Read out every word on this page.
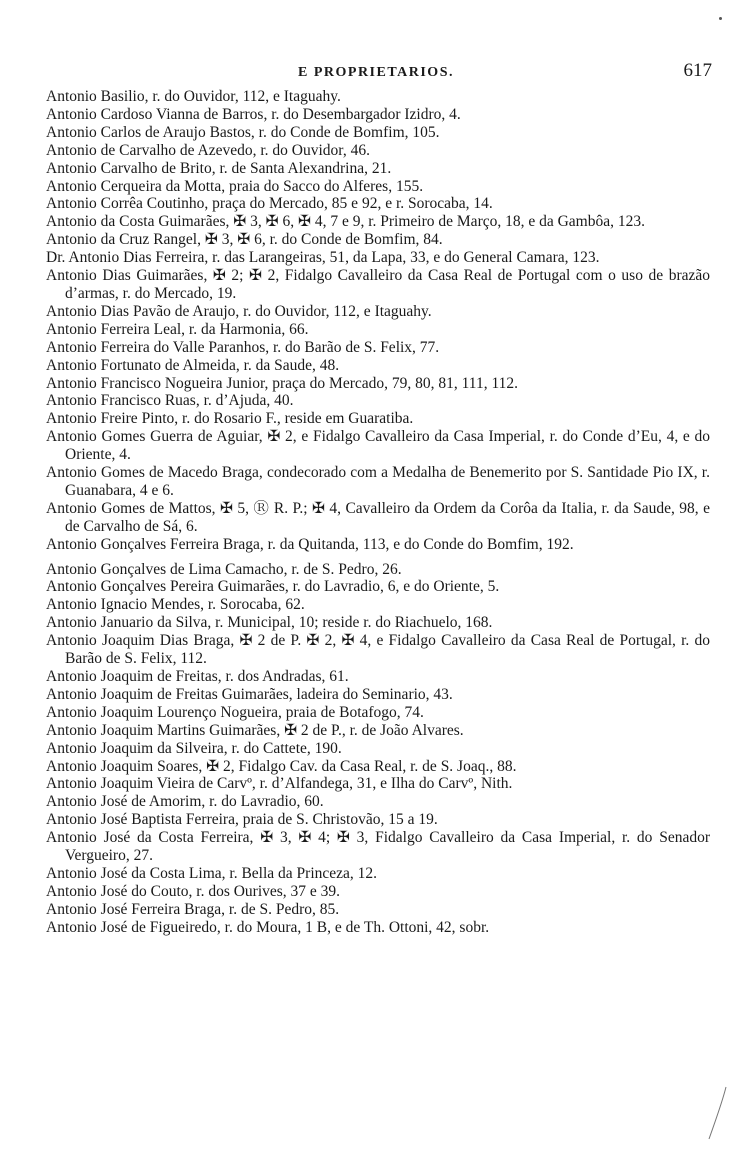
E PROPRIETARIOS.	617
Antonio Basilio, r. do Ouvidor, 112, e Itaguahy.
Antonio Cardoso Vianna de Barros, r. do Desembargador Izidro, 4.
Antonio Carlos de Araujo Bastos, r. do Conde de Bomfim, 105.
Antonio de Carvalho de Azevedo, r. do Ouvidor, 46.
Antonio Carvalho de Brito, r. de Santa Alexandrina, 21.
Antonio Cerqueira da Motta, praia do Sacco do Alferes, 155.
Antonio Corrêa Coutinho, praça do Mercado, 85 e 92, e r. Sorocaba, 14.
Antonio da Costa Guimarães, ✠ 3, ✠ 6, ✠ 4, 7 e 9, r. Primeiro de Março, 18, e da Gambôa, 123.
Antonio da Cruz Rangel, ✠ 3, ✠ 6, r. do Conde de Bomfim, 84.
Dr. Antonio Dias Ferreira, r. das Larangeiras, 51, da Lapa, 33, e do General Camara, 123.
Antonio Dias Guimarães, ✠ 2; ✠ 2, Fidalgo Cavalleiro da Casa Real de Portugal com o uso de brazão d’armas, r. do Mercado, 19.
Antonio Dias Pavão de Araujo, r. do Ouvidor, 112, e Itaguahy.
Antonio Ferreira Leal, r. da Harmonia, 66.
Antonio Ferreira do Valle Paranhos, r. do Barão de S. Felix, 77.
Antonio Fortunato de Almeida, r. da Saude, 48.
Antonio Francisco Nogueira Junior, praça do Mercado, 79, 80, 81, 111, 112.
Antonio Francisco Ruas, r. d’Ajuda, 40.
Antonio Freire Pinto, r. do Rosario F., reside em Guaratiba.
Antonio Gomes Guerra de Aguiar, ✠ 2, e Fidalgo Cavalleiro da Casa Imperial, r. do Conde d’Eu, 4, e do Oriente, 4.
Antonio Gomes de Macedo Braga, condecorado com a Medalha de Benemerito por S. Santidade Pio IX, r. Guanabara, 4 e 6.
Antonio Gomes de Mattos, ✠ 5, Ⓡ R. P.; ✠ 4, Cavalleiro da Ordem da Corôa da Italia, r. da Saude, 98, e de Carvalho de Sá, 6.
Antonio Gonçalves Ferreira Braga, r. da Quitanda, 113, e do Conde do Bomfim, 192.
Antonio Gonçalves de Lima Camacho, r. de S. Pedro, 26.
Antonio Gonçalves Pereira Guimarães, r. do Lavradio, 6, e do Oriente, 5.
Antonio Ignacio Mendes, r. Sorocaba, 62.
Antonio Januario da Silva, r. Municipal, 10; reside r. do Riachuelo, 168.
Antonio Joaquim Dias Braga, ✠ 2 de P. ✠ 2, ✠ 4, e Fidalgo Cavalleiro da Casa Real de Portugal, r. do Barão de S. Felix, 112.
Antonio Joaquim de Freitas, r. dos Andradas, 61.
Antonio Joaquim de Freitas Guimarães, ladeira do Seminario, 43.
Antonio Joaquim Lourenço Nogueira, praia de Botafogo, 74.
Antonio Joaquim Martins Guimarães, ✠ 2 de P., r. de João Alvares.
Antonio Joaquim da Silveira, r. do Cattete, 190.
Antonio Joaquim Soares, ✠ 2, Fidalgo Cav. da Casa Real, r. de S. Joaq., 88.
Antonio Joaquim Vieira de Carvº, r. d’Alfandega, 31, e Ilha do Carvº, Nith.
Antonio José de Amorim, r. do Lavradio, 60.
Antonio José Baptista Ferreira, praia de S. Christovão, 15 a 19.
Antonio José da Costa Ferreira, ✠ 3, ✠ 4; ✠ 3, Fidalgo Cavalleiro da Casa Imperial, r. do Senador Vergueiro, 27.
Antonio José da Costa Lima, r. Bella da Princeza, 12.
Antonio José do Couto, r. dos Ourives, 37 e 39.
Antonio José Ferreira Braga, r. de S. Pedro, 85.
Antonio José de Figueiredo, r. do Moura, 1 B, e de Th. Ottoni, 42, sobr.
